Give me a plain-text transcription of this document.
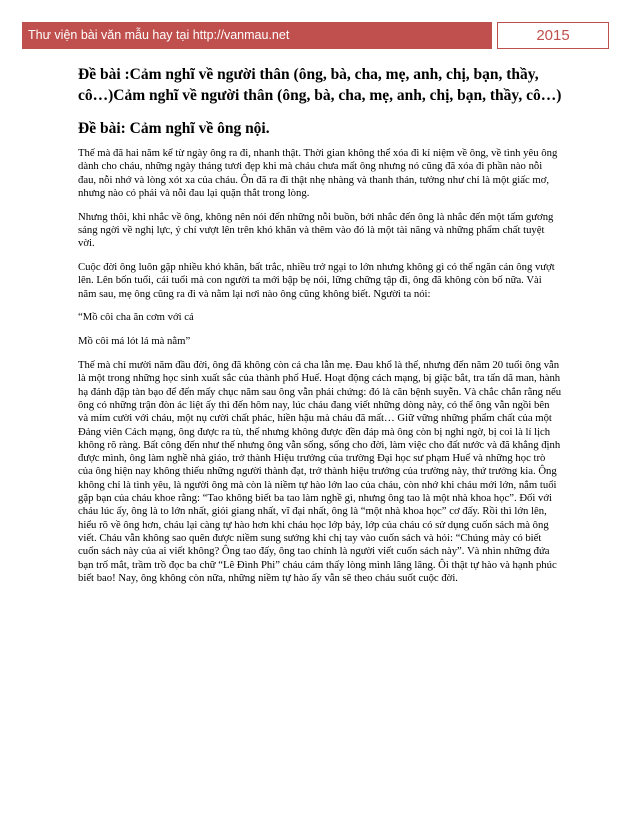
Thư viện bài văn mẫu hay tại http://vanmau.net	2015
Đề bài :Cảm nghĩ về người thân (ông, bà, cha, mẹ, anh, chị, bạn, thầy, cô…)Cảm nghĩ về người thân (ông, bà, cha, mẹ, anh, chị, bạn, thầy, cô…)
Đề bài: Cảm nghĩ về ông nội.

Thế mà đã hai năm kể từ ngày ông ra đi, nhanh thật. Thời gian không thể xóa đi kỉ niệm về ông, về tình yêu ông dành cho cháu, những ngày tháng tươi đẹp khi mà cháu chưa mất ông nhưng nó cũng đã xóa đi phần nào nỗi đau, nỗi nhớ và lòng xót xa của cháu. Ôn đã ra đi thật nhẹ nhàng và thanh thản, tưởng như chỉ là một giấc mơ, nhưng nào có phải và nỗi đau lại quặn thắt trong lòng.

Nhưng thôi, khi nhắc về ông, không nên nói đến những nỗi buồn, bởi nhắc đến ông là nhắc đến một tấm gương sáng ngời về nghị lực, ý chí vượt lên trên khó khăn và thêm vào đó là một tài năng và những phẩm chất tuyệt vời.

Cuộc đời ông luôn gặp nhiều khó khăn, bất trắc, nhiều trở ngại to lớn nhưng không gì có thể ngăn cản ông vượt lên. Lên bốn tuổi, cái tuổi mà con người ta mới bập bẹ nói, lững chững tập đi, ông đã không còn bố nữa. Vài năm sau, mẹ ông cũng ra đi và nằm lại nơi nào ông cũng không biết. Người ta nói:

“Mồ côi cha ăn cơm với cá

Mồ côi má lót lá mà nằm”

Thế mà chỉ mười năm đầu đời, ông đã không còn cả cha lẫn mẹ. Đau khổ là thế, nhưng đến năm 20 tuổi ông vẫn là một trong những học sinh xuất sắc của thành phố Huế. Hoạt động cách mạng, bị giặc bắt, tra tấn dã man, hành hạ đánh đập tàn bạo để đến mấy chục năm sau ông vẫn phải chứng: đó là căn bệnh suyễn. Và chắc chắn rằng nếu ông có những trận đòn ác liệt ấy thì đến hôm nay, lúc cháu đang viết những dòng này, có thể ông vẫn ngồi bên và mỉm cười với cháu, một nụ cười chất phác, hiền hậu mà cháu đã mất… Giữ vững những phẩm chất của một Đảng viên Cách mạng, ông được ra tù, thế nhưng không được đền đáp mà ông còn bị nghi ngờ, bị coi là lí lịch không rõ ràng. Bất công đến như thế nhưng ông vẫn sống, sống cho đời, làm việc cho đất nước và đã khẳng định được mình, ông làm nghề nhà giáo, trở thành Hiệu trưởng của trường Đại học sư phạm Huế và những học trò của ông hiện nay không thiếu những người thành đạt, trở thành hiệu trưởng của trường này, thứ trưởng kia. Ông không chỉ là tình yêu, là người ông mà còn là niềm tự hào lớn lao của cháu, còn nhớ khi cháu mới lớn, nắm tuổi gặp bạn của cháu khoe rằng: “Tao không biết ba tao làm nghề gì, nhưng ông tao là một nhà khoa học”. Đối với cháu lúc ấy, ông là to lớn nhất, giỏi giang nhất, vĩ đại nhất, ông là “một nhà khoa học” cơ đấy. Rồi thì lớn lên, hiểu rõ về ông hơn, cháu lại càng tự hào hơn khi cháu học lớp bảy, lớp của cháu có sử dụng cuốn sách mà ông viết. Cháu vẫn không sao quên được niềm sung sướng khi chị tay vào cuốn sách và hỏi: “Chúng mày có biết cuốn sách này của ai viết không? Ông tao đấy, ông tao chính là người viết cuốn sách này”. Và nhìn những đứa bạn trố mắt, trầm trồ đọc ba chữ “Lê Đình Phi” cháu cảm thấy lòng mình lâng lâng. Ôi thật tự hào và hạnh phúc biết bao! Nay, ông không còn nữa, những niềm tự hào ấy vẫn sẽ theo cháu suốt cuộc đời.
